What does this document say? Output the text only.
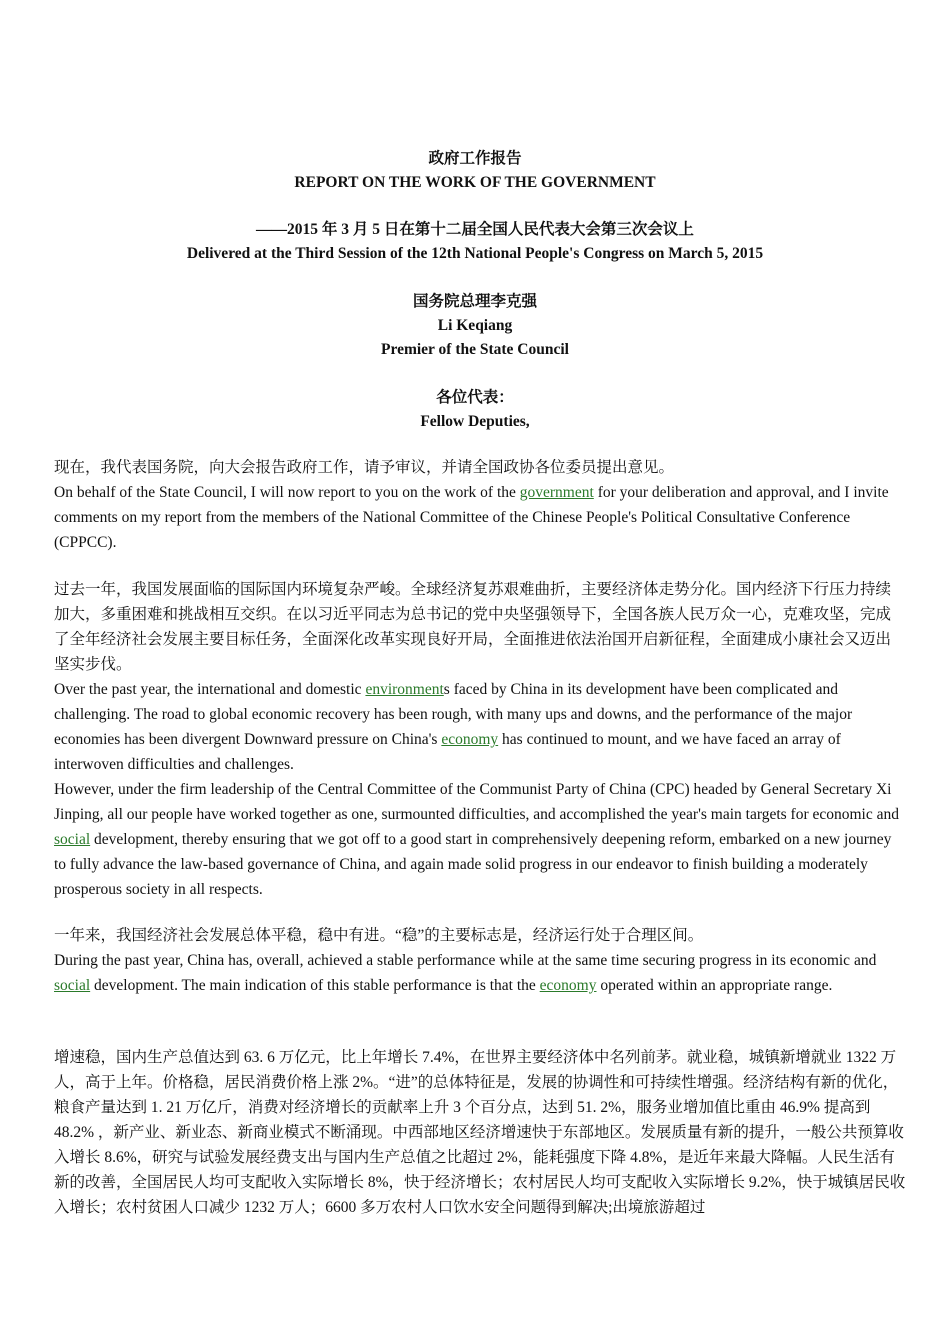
政府工作报告
REPORT ON THE WORK OF THE GOVERNMENT
——2015 年 3 月 5 日在第十二届全国人民代表大会第三次会议上
Delivered at the Third Session of the 12th National People's Congress on March 5, 2015
国务院总理李克强
Li Keqiang
Premier of the State Council
各位代表：
Fellow Deputies,

现在，我代表国务院，向大会报告政府工作，请予审议，并请全国政协各位委员提出意见。

On behalf of the State Council, I will now report to you on the work of the government for your deliberation and approval, and I invite comments on my report from the members of the National Committee of the Chinese People's Political Consultative Conference (CPPCC).

过去一年，我国发展面临的国际国内环境复杂严峻。全球经济复苏艰难曲折，主要经济体走势分化。国内经济下行压力持续加大，多重困难和挑战相互交织。在以习近平同志为总书记的党中央坚强领导下，全国各族人民万众一心，克难攻坚，完成了全年经济社会发展主要目标任务，全面深化改革实现良好开局，全面推进依法治国开启新征程，全面建成小康社会又迈出坚实步伐。

Over the past year, the international and domestic environments faced by China in its development have been complicated and challenging. The road to global economic recovery has been rough, with many ups and downs, and the performance of the major economies has been divergent Downward pressure on China's economy has continued to mount, and we have faced an array of interwoven difficulties and challenges.

However, under the firm leadership of the Central Committee of the Communist Party of China (CPC) headed by General Secretary Xi Jinping, all our people have worked together as one, surmounted difficulties, and accomplished the year's main targets for economic and social development, thereby ensuring that we got off to a good start in comprehensively deepening reform, embarked on a new journey to fully advance the law-based governance of China, and again made solid progress in our endeavor to finish building a moderately prosperous society in all respects.

一年来，我国经济社会发展总体平稳，稳中有进。“稳”的主要标志是，经济运行处于合理区间。

During the past year, China has, overall, achieved a stable performance while at the same time securing progress in its economic and social development. The main indication of this stable performance is that the economy operated within an appropriate range.

增速稳，国内生产总值达到 63. 6 万亿元，比上年增长 7.4%，在世界主要经济体中名列前茅。就业稳，城镇新增就业 1322 万人，高于上年。价格稳，居民消费价格上涨 2%。“进”的总体特征是，发展的协调性和可持续性增强。经济结构有新的优化，粮食产量达到 1. 21 万亿斤，消费对经济增长的贡献率上升 3 个百分点，达到 51. 2%，服务业增加值比重由 46.9% 提高到 48.2% ，新产业、新业态、新商业模式不断涌现。中西部地区经济增速快于东部地区。发展质量有新的提升，一般公共预算收入增长 8.6%，研究与试验发展经费支出与国内生产总值之比超过 2%，能耗强度下降 4.8%，是近年来最大降幅。人民生活有新的改善，全国居民人均可支配收入实际增长 8%，快于经济增长；农村居民人均可支配收入实际增长 9.2%，快于城镇居民收入增长；农村贫困人口减少 1232 万人；6600 多万农村人口饮水安全问题得到解决;出境旅游超过
